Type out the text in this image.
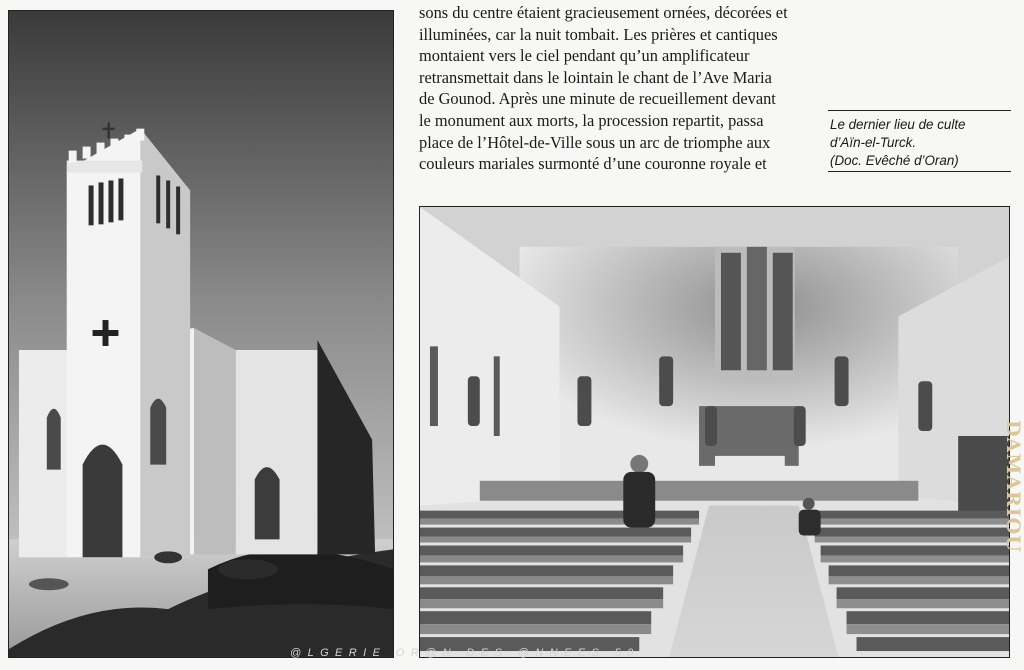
sons du centre étaient gracieusement ornées, décorées et

illuminées, car la nuit tombait. Les prières et cantiques

montaient vers le ciel pendant qu’un amplificateur

retransmettait dans le lointain le chant de l’Ave Maria

de Gounod. Après une minute de recueillement devant

le monument aux morts, la procession repartit, passa

place de l’Hôtel-de-Ville sous un arc de triomphe aux

couleurs mariales surmonté d’une couronne royale et

Le dernier lieu de culte
d’Aïn-el-Turck.
(Doc. Evêché d’Oran)
DAMARIOU
@LGERIE OR@N DES @NNEES 50
